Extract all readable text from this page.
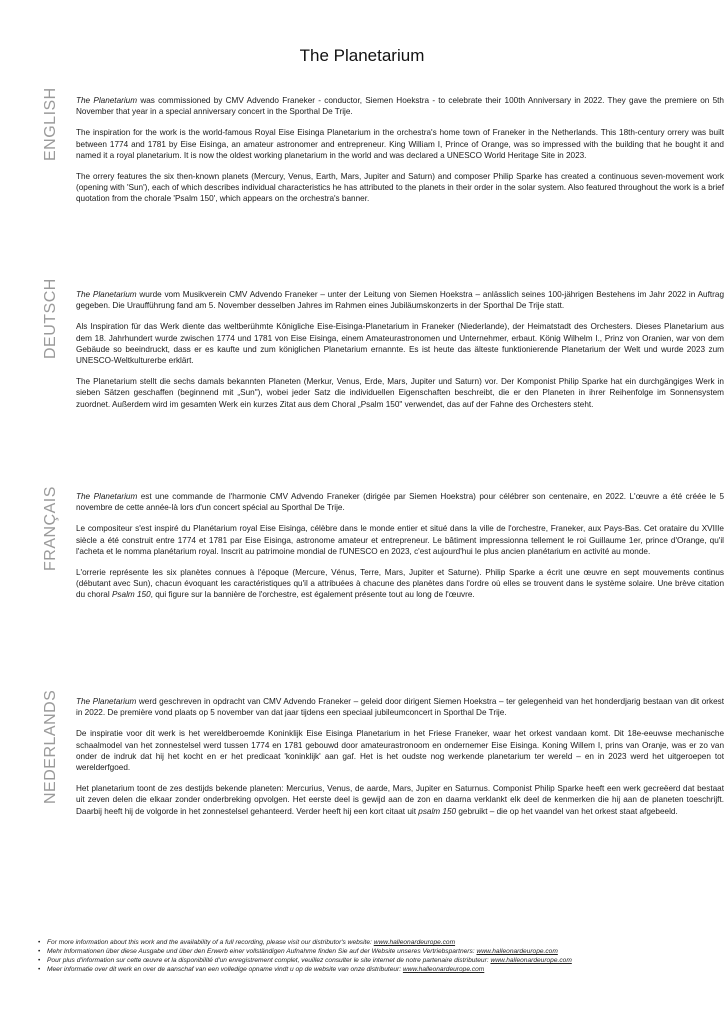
The Planetarium
ENGLISH The Planetarium was commissioned by CMV Advendo Franeker - conductor, Siemen Hoekstra - to celebrate their 100th Anniversary in 2022. They gave the premiere on 5th November that year in a special anniversary concert in the Sporthal De Trije.

The inspiration for the work is the world-famous Royal Eise Eisinga Planetarium in the orchestra's home town of Franeker in the Netherlands. This 18th-century orrery was built between 1774 and 1781 by Eise Eisinga, an amateur astronomer and entrepreneur. King William I, Prince of Orange, was so impressed with the building that he bought it and named it a royal planetarium. It is now the oldest working planetarium in the world and was declared a UNESCO World Heritage Site in 2023.

The orrery features the six then-known planets (Mercury, Venus, Earth, Mars, Jupiter and Saturn) and composer Philip Sparke has created a continuous seven-movement work (opening with 'Sun'), each of which describes individual characteristics he has attributed to the planets in their order in the solar system. Also featured throughout the work is a brief quotation from the chorale 'Psalm 150', which appears on the orchestra's banner.

DEUTSCH The Planetarium wurde vom Musikverein CMV Advendo Franeker – unter der Leitung von Siemen Hoekstra – anlässlich seines 100-jährigen Bestehens im Jahr 2022 in Auftrag gegeben. Die Uraufführung fand am 5. November desselben Jahres im Rahmen eines Jubiläumskonzerts in der Sporthal De Trije statt.

Als Inspiration für das Werk diente das weltberühmte Königliche Eise-Eisinga-Planetarium in Franeker (Niederlande), der Heimatstadt des Orchesters. Dieses Planetarium aus dem 18. Jahrhundert wurde zwischen 1774 und 1781 von Eise Eisinga, einem Amateurastronomen und Unternehmer, erbaut. König Wilhelm I., Prinz von Oranien, war von dem Gebäude so beeindruckt, dass er es kaufte und zum königlichen Planetarium ernannte. Es ist heute das älteste funktionierende Planetarium der Welt und wurde 2023 zum UNESCO-Weltkulturerbe erklärt.

The Planetarium stellt die sechs damals bekannten Planeten (Merkur, Venus, Erde, Mars, Jupiter und Saturn) vor. Der Komponist Philip Sparke hat ein durchgängiges Werk in sieben Sätzen geschaffen (beginnend mit „Sun"), wobei jeder Satz die individuellen Eigenschaften beschreibt, die er den Planeten in ihrer Reihenfolge im Sonnensystem zuordnet. Außerdem wird im gesamten Werk ein kurzes Zitat aus dem Choral „Psalm 150" verwendet, das auf der Fahne des Orchesters steht.

FRANÇAIS The Planetarium est une commande de l'harmonie CMV Advendo Franeker (dirigée par Siemen Hoekstra) pour célébrer son centenaire, en 2022. L'œuvre a été créée le 5 novembre de cette année-là lors d'un concert spécial au Sporthal De Trije.

Le compositeur s'est inspiré du Planétarium royal Eise Eisinga, célèbre dans le monde entier et situé dans la ville de l'orchestre, Franeker, aux Pays-Bas. Cet orataire du XVIIIe siècle a été construit entre 1774 et 1781 par Eise Eisinga, astronome amateur et entrepreneur. Le bâtiment impressionna tellement le roi Guillaume 1er, prince d'Orange, qu'il l'acheta et le nomma planétarium royal. Inscrit au patrimoine mondial de l'UNESCO en 2023, c'est aujourd'hui le plus ancien planétarium en activité au monde.

L'orrerie représente les six planètes connues à l'époque (Mercure, Vénus, Terre, Mars, Jupiter et Saturne). Philip Sparke a écrit une œuvre en sept mouvements continus (débutant avec Sun), chacun évoquant les caractéristiques qu'il a attribuées à chacune des planètes dans l'ordre où elles se trouvent dans le système solaire. Une brève citation du choral Psalm 150, qui figure sur la bannière de l'orchestre, est également présente tout au long de l'œuvre.

NEDERLANDS The Planetarium werd geschreven in opdracht van CMV Advendo Franeker – geleid door dirigent Siemen Hoekstra – ter gelegenheid van het honderdjarig bestaan van dit orkest in 2022. De première vond plaats op 5 november van dat jaar tijdens een speciaal jubileumconcert in Sporthal De Trije.

De inspiratie voor dit werk is het wereldberoemde Koninklijk Eise Eisinga Planetarium in het Friese Franeker, waar het orkest vandaan komt. Dit 18e-eeuwse mechanische schaalmodel van het zonnestelsel werd tussen 1774 en 1781 gebouwd door amateurastronoom en ondernemer Eise Eisinga. Koning Willem I, prins van Oranje, was er zo van onder de indruk dat hij het kocht en er het predicaat 'koninklijk' aan gaf. Het is het oudste nog werkende planetarium ter wereld – en in 2023 werd het uitgeroepen tot werelderfgoed.

Het planetarium toont de zes destijds bekende planeten: Mercurius, Venus, de aarde, Mars, Jupiter en Saturnus. Componist Philip Sparke heeft een werk gecreëerd dat bestaat uit zeven delen die elkaar zonder onderbreking opvolgen. Het eerste deel is gewijd aan de zon en daarna verklankt elk deel de kenmerken die hij aan de planeten toeschrijft. Daarbij heeft hij de volgorde in het zonnestelsel gehanteerd. Verder heeft hij een kort citaat uit psalm 150 gebruikt – die op het vaandel van het orkest staat afgebeeld.

• For more information about this work and the availability of a full recording, please visit our distributor's website: www.halleonardeurope.com
• Mehr Informationen über diese Ausgabe und über den Erwerb einer vollständigen Aufnahme finden Sie auf der Website unseres Vertriebspartners: www.halleonardeurope.com
• Pour plus d'information sur cette œuvre et la disponibilité d'un enregistrement complet, veuillez consulter le site internet de notre partenaire distributeur: www.halleonardeurope.com
• Meer informatie over dit werk en over de aanschaf van een volledige opname vindt u op de website van onze distributeur: www.halleonardeurope.com
